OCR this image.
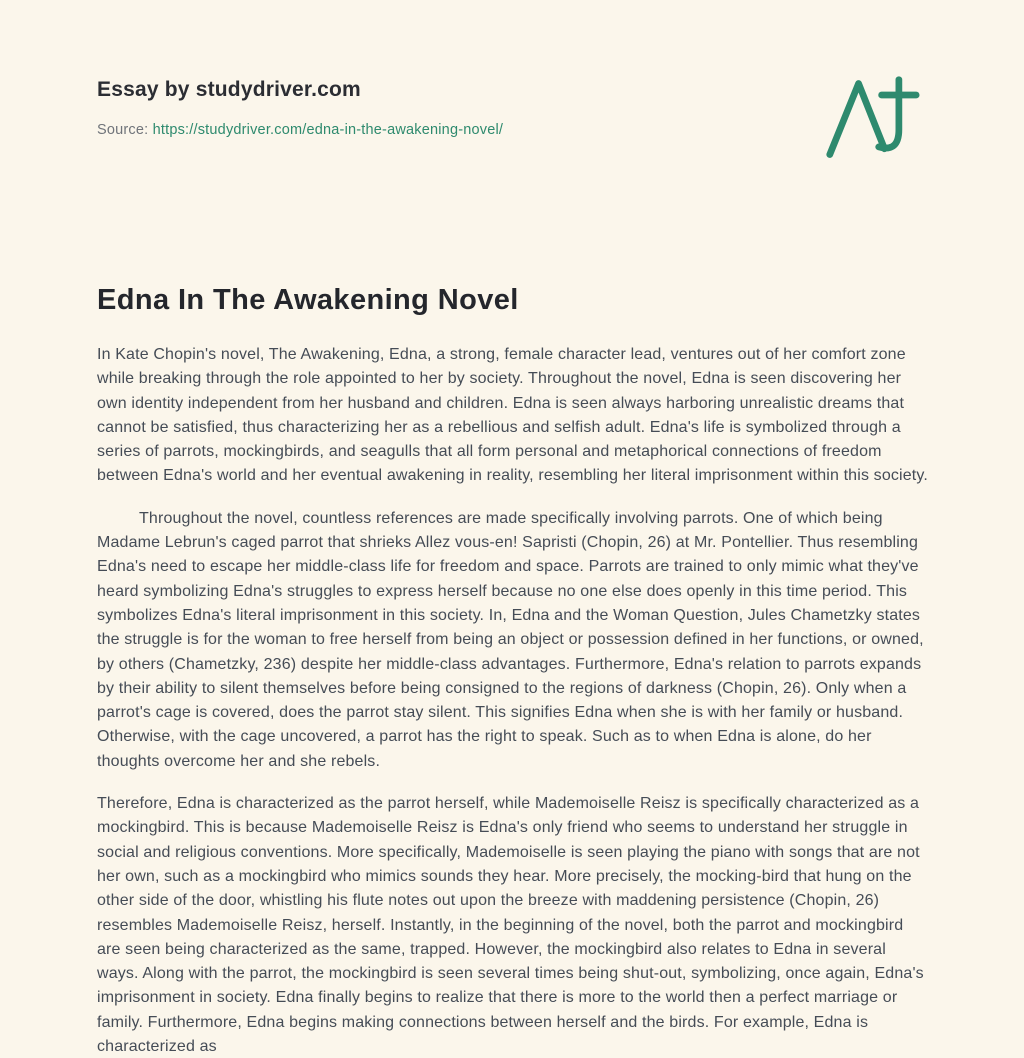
Essay by studydriver.com
Source: https://studydriver.com/edna-in-the-awakening-novel/
Edna In The Awakening Novel

In Kate Chopin's novel, The Awakening, Edna, a strong, female character lead, ventures out of her comfort zone while breaking through the role appointed to her by society. Throughout the novel, Edna is seen discovering her own identity independent from her husband and children. Edna is seen always harboring unrealistic dreams that cannot be satisfied, thus characterizing her as a rebellious and selfish adult. Edna's life is symbolized through a series of parrots, mockingbirds, and seagulls that all form personal and metaphorical connections of freedom between Edna's world and her eventual awakening in reality, resembling her literal imprisonment within this society.

Throughout the novel, countless references are made specifically involving parrots. One of which being Madame Lebrun's caged parrot that shrieks Allez vous-en! Sapristi (Chopin, 26) at Mr. Pontellier. Thus resembling Edna's need to escape her middle-class life for freedom and space. Parrots are trained to only mimic what they've heard symbolizing Edna's struggles to express herself because no one else does openly in this time period. This symbolizes Edna's literal imprisonment in this society. In, Edna and the Woman Question, Jules Chametzky states the struggle is for the woman to free herself from being an object or possession defined in her functions, or owned, by others (Chametzky, 236) despite her middle-class advantages. Furthermore, Edna's relation to parrots expands by their ability to silent themselves before being consigned to the regions of darkness (Chopin, 26). Only when a parrot's cage is covered, does the parrot stay silent. This signifies Edna when she is with her family or husband. Otherwise, with the cage uncovered, a parrot has the right to speak. Such as to when Edna is alone, do her thoughts overcome her and she rebels.

Therefore, Edna is characterized as the parrot herself, while Mademoiselle Reisz is specifically characterized as a mockingbird. This is because Mademoiselle Reisz is Edna's only friend who seems to understand her struggle in social and religious conventions. More specifically, Mademoiselle is seen playing the piano with songs that are not her own, such as a mockingbird who mimics sounds they hear. More precisely, the mocking-bird that hung on the other side of the door, whistling his flute notes out upon the breeze with maddening persistence (Chopin, 26) resembles Mademoiselle Reisz, herself. Instantly, in the beginning of the novel, both the parrot and mockingbird are seen being characterized as the same, trapped. However, the mockingbird also relates to Edna in several ways. Along with the parrot, the mockingbird is seen several times being shut-out, symbolizing, once again, Edna's imprisonment in society. Edna finally begins to realize that there is more to the world then a perfect marriage or family. Furthermore, Edna begins making connections between herself and the birds. For example, Edna is characterized as
